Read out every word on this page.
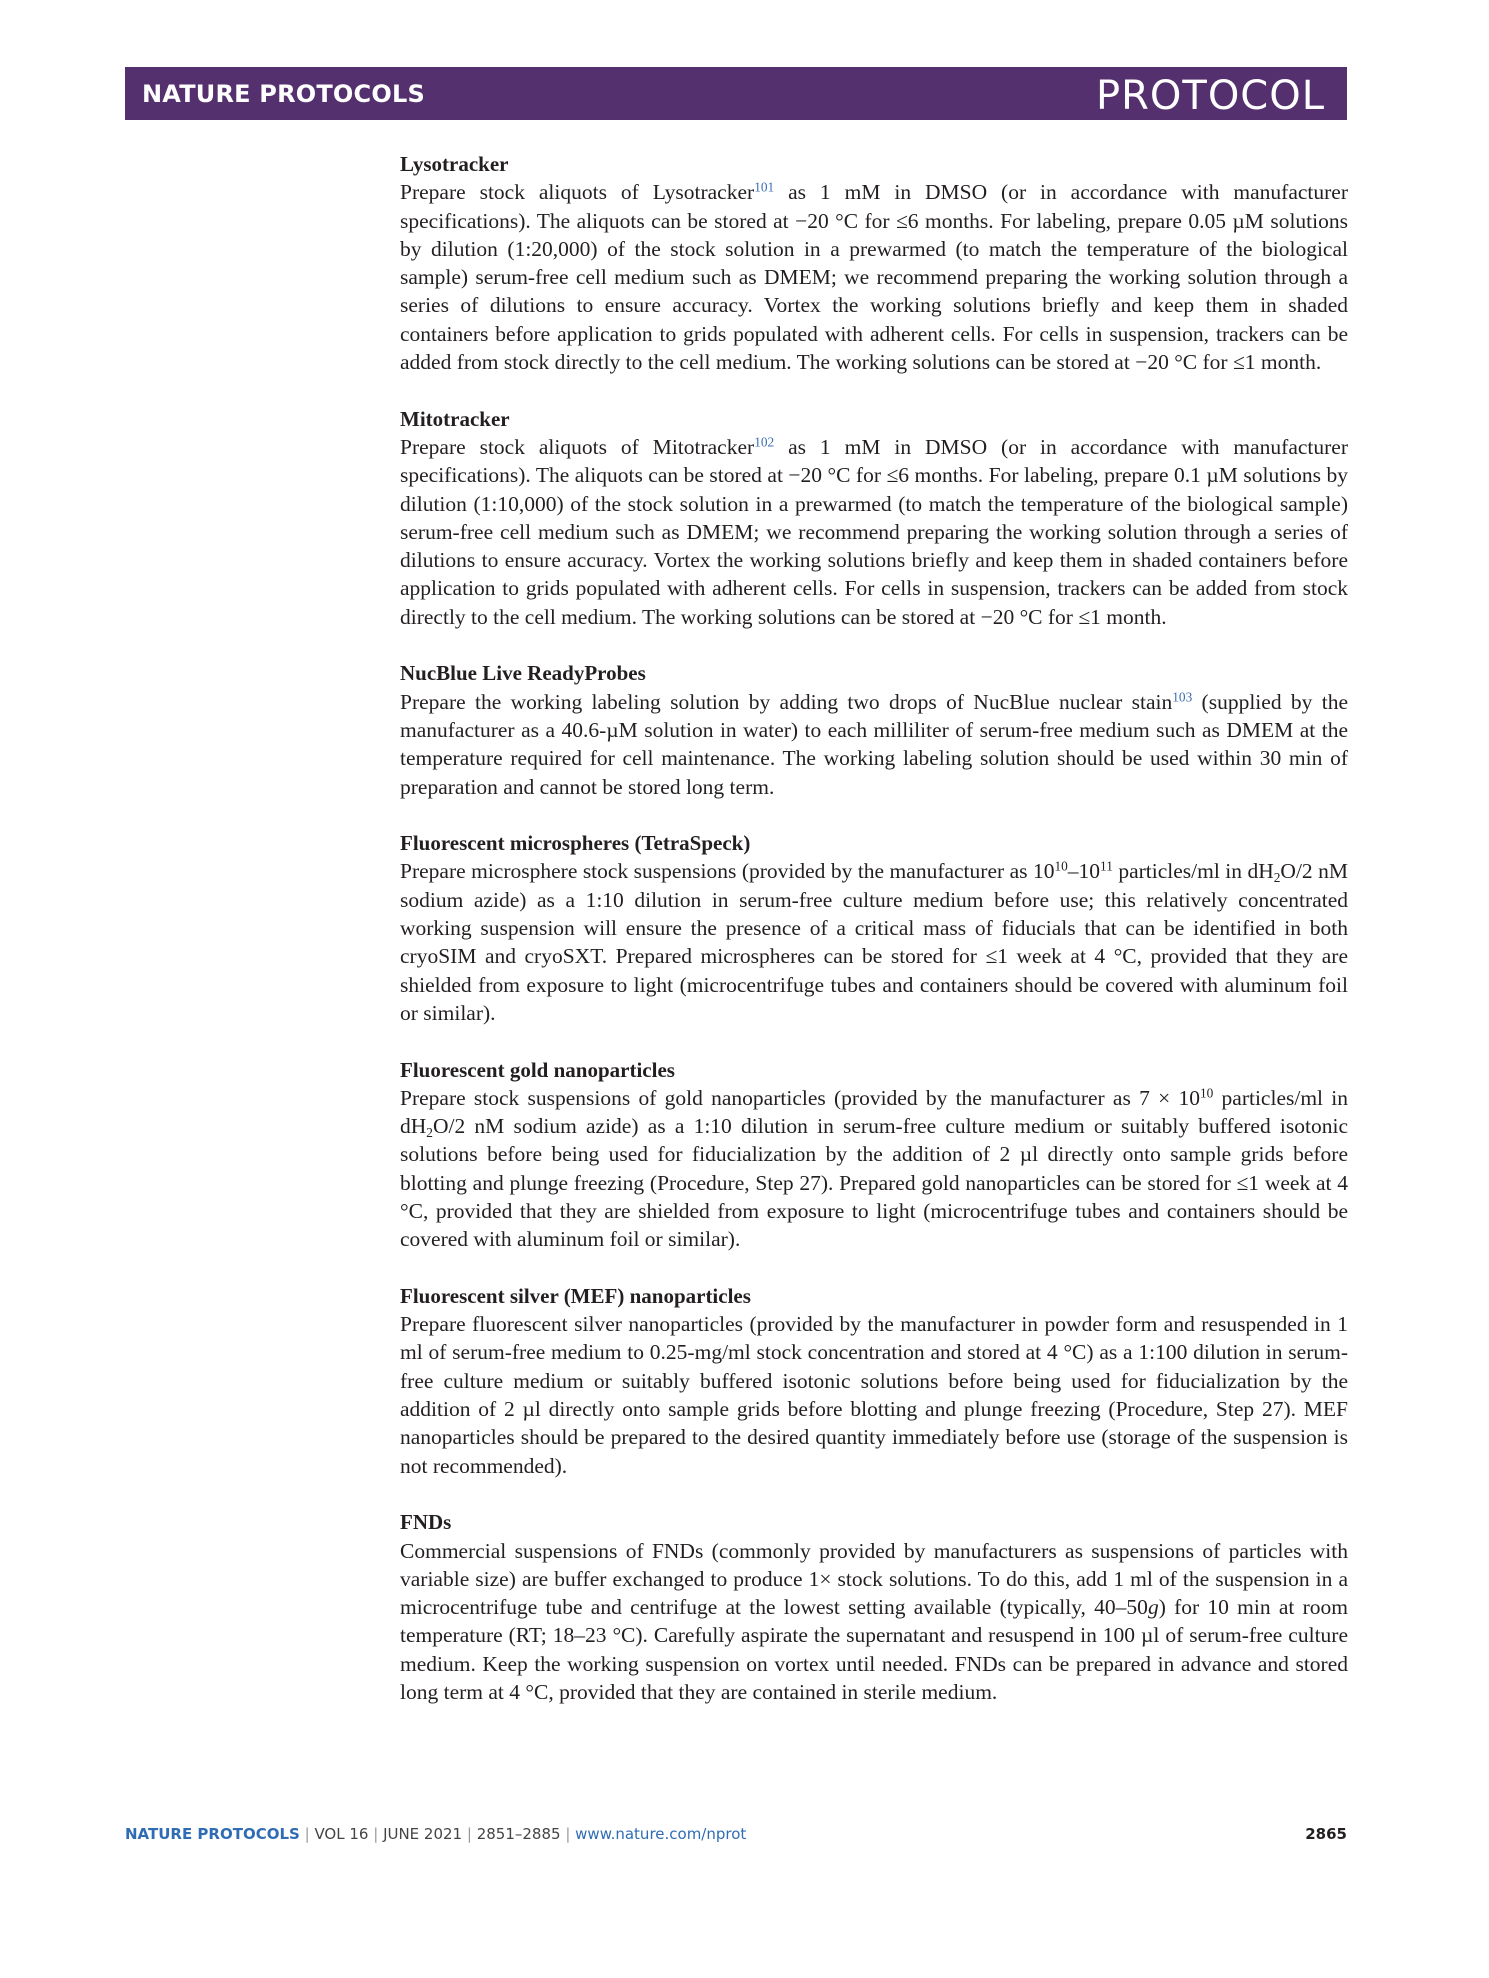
NATURE PROTOCOLS	PROTOCOL
Lysotracker

Prepare stock aliquots of Lysotracker$^{101}$ as 1 mM in DMSO (or in accordance with manufacturer specifications). The aliquots can be stored at −20 °C for ≤6 months. For labeling, prepare 0.05 µM solutions by dilution (1:20,000) of the stock solution in a prewarmed (to match the temperature of the biological sample) serum-free cell medium such as DMEM; we recommend preparing the working solution through a series of dilutions to ensure accuracy. Vortex the working solutions briefly and keep them in shaded containers before application to grids populated with adherent cells. For cells in suspension, trackers can be added from stock directly to the cell medium. The working solutions can be stored at −20 °C for ≤1 month.

Mitotracker

Prepare stock aliquots of Mitotracker$^{102}$ as 1 mM in DMSO (or in accordance with manufacturer specifications). The aliquots can be stored at −20 °C for ≤6 months. For labeling, prepare 0.1 µM solutions by dilution (1:10,000) of the stock solution in a prewarmed (to match the temperature of the biological sample) serum-free cell medium such as DMEM; we recommend preparing the working solution through a series of dilutions to ensure accuracy. Vortex the working solutions briefly and keep them in shaded containers before application to grids populated with adherent cells. For cells in suspension, trackers can be added from stock directly to the cell medium. The working solutions can be stored at −20 °C for ≤1 month.

NucBlue Live ReadyProbes

Prepare the working labeling solution by adding two drops of NucBlue nuclear stain$^{103}$ (supplied by the manufacturer as a 40.6-µM solution in water) to each milliliter of serum-free medium such as DMEM at the temperature required for cell maintenance. The working labeling solution should be used within 30 min of preparation and cannot be stored long term.

Fluorescent microspheres (TetraSpeck)

Prepare microsphere stock suspensions (provided by the manufacturer as $10^{10}-10^{11}$ particles/ml in $dH_2O/2$ nM sodium azide) as a 1:10 dilution in serum-free culture medium before use; this relatively concentrated working suspension will ensure the presence of a critical mass of fiducials that can be identified in both cryoSIM and cryoSXT. Prepared microspheres can be stored for ≤1 week at 4 °C, provided that they are shielded from exposure to light (microcentrifuge tubes and containers should be covered with aluminum foil or similar).

Fluorescent gold nanoparticles

Prepare stock suspensions of gold nanoparticles (provided by the manufacturer as $7 \times 10^{10}$ particles/ml in $dH_2O/2$ nM sodium azide) as a 1:10 dilution in serum-free culture medium or suitably buffered isotonic solutions before being used for fiducialization by the addition of 2 µl directly onto sample grids before blotting and plunge freezing (Procedure, Step 27). Prepared gold nanoparticles can be stored for ≤1 week at 4 °C, provided that they are shielded from exposure to light (microcentrifuge tubes and containers should be covered with aluminum foil or similar).

Fluorescent silver (MEF) nanoparticles

Prepare fluorescent silver nanoparticles (provided by the manufacturer in powder form and resuspended in 1 ml of serum-free medium to 0.25-mg/ml stock concentration and stored at 4 °C) as a 1:100 dilution in serum-free culture medium or suitably buffered isotonic solutions before being used for fiducialization by the addition of 2 µl directly onto sample grids before blotting and plunge freezing (Procedure, Step 27). MEF nanoparticles should be prepared to the desired quantity immediately before use (storage of the suspension is not recommended).

FNDs

Commercial suspensions of FNDs (commonly provided by manufacturers as suspensions of particles with variable size) are buffer exchanged to produce 1× stock solutions. To do this, add 1 ml of the suspension in a microcentrifuge tube and centrifuge at the lowest setting available (typically, 40–50g) for 10 min at room temperature (RT; 18–23 °C). Carefully aspirate the supernatant and resuspend in 100 µl of serum-free culture medium. Keep the working suspension on vortex until needed. FNDs can be prepared in advance and stored long term at 4 °C, provided that they are contained in sterile medium.

NATURE PROTOCOLS | VOL 16 | JUNE 2021 | 2851–2885 | www.nature.com/nprot	2865
